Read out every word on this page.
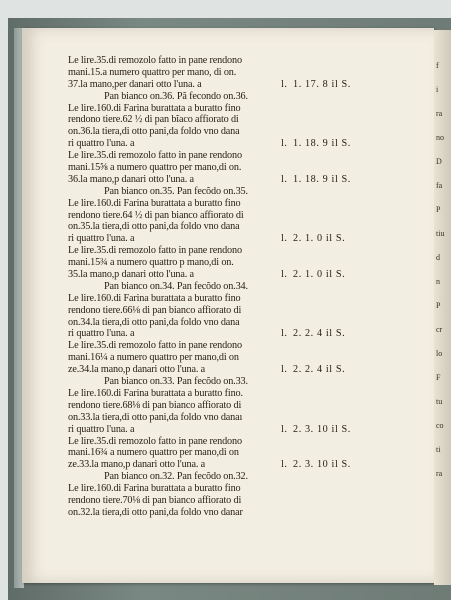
Le lire.35.di remozolo fatto in pane rendono
mani.15.a numero quattro per mano, di on.
37.la mano,per danari otto l'una. a	l. 1. 17. 8 il S.
Pan bianco on.36. Pã fecondo on.36.
Le lire.160.di Farina burattata a buratto fino
rendono tiere.62 ½ di pan bĩaco affiorato di
on.36.la tiera,di otto pani,da foldo vno dana
ri quattro l'una. a	l. 1. 18. 9 il S.
Le lire.35.di remozolo fatto in pane rendono
mani.15⅝ a numero quattro per mano,di on.
36.la mano,p danari otto l'una. a	l. 1. 18. 9 il S.
Pan bianco on.35. Pan fecõdo on.35.
Le lire.160.di Farina burattata a buratto fino
rendono tiere.64 ½ di pan bianco affiorato di
on.35.la tiera,di otto pani,da foldo vno dana
ri quattro l'una. a	l. 2. 1. 0 il S.
Le lire.35.di remozolo fatto in pane rendono
mani.15¾ a numero quattro p mano,di on.
35.la mano,p danari otto l'una. a	l. 2. 1. 0 il S.
Pan bianco on.34. Pan fecõdo on.34.
Le lire.160.di Farina burattata a buratto fino
rendono tiere.66⅛ di pan bianco affiorato di
on.34.la tiera,di otto pani,da foldo vno dana
ri quattro l'una. a	l. 2. 2. 4 il S.
Le lire.35.di remozolo fatto in pane rendono
mani.16¼ a numero quattro per mano,di on
ze.34.la mano,p danari otto l'una. a	l. 2. 2. 4 il S.
Pan bianco on.33. Pan fecõdo on.33.
Le lire.160.di Farina burattata a buratto fino.
rendono tiere.68⅛ di pan bianco affiorato di
on.33.la tiera,di otto pani,da foldo vno danaı
ri quattro l'una. a	l. 2. 3. 10 il S.
Le lire.35.di remozolo fatto in pane rendono
mani.16¾ a numero quattro per mano,di on
ze.33.la mano,p danari otto l'una. a	l. 2. 3. 10 il S.
Pan bianco on.32. Pan fecõdo on.32.
Le lire.160.di Farina burattata a buratto fino
rendono tiere.70⅛ di pan bianco affiorato di
on.32.la tiera,di otto pani,da foldo vno danar
f
i
ra
no
D
fa
P
tiu
d
n
P
cr
lo
F
tu
co
ti
ra
